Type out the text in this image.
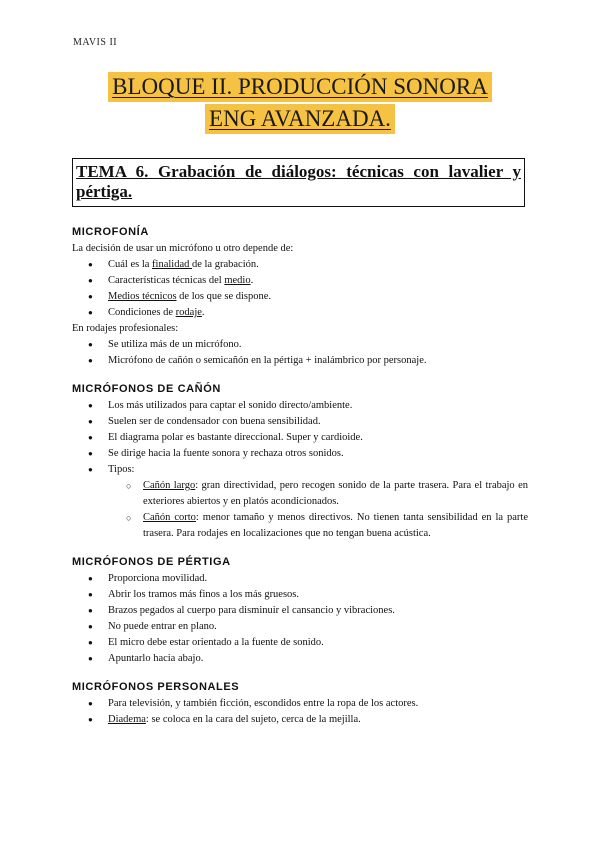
MAVIS II
BLOQUE II. PRODUCCIÓN SONORA
ENG AVANZADA.
TEMA 6. Grabación de diálogos: técnicas con lavalier y pértiga.
MICROFONÍA

La decisión de usar un micrófono u otro depende de:

● Cuál es la finalidad de la grabación.
● Características técnicas del medio.
● Medios técnicos de los que se dispone.
● Condiciones de rodaje.

En rodajes profesionales:

● Se utiliza más de un micrófono.
● Micrófono de cañón o semicañón en la pértiga + inalámbrico por personaje.
MICRÓFONOS DE CAÑÓN
● Los más utilizados para captar el sonido directo/ambiente.
● Suelen ser de condensador con buena sensibilidad.
● El diagrama polar es bastante direccional. Super y cardioide.
● Se dirige hacia la fuente sonora y rechaza otros sonidos.
● Tipos:
○ Cañón largo: gran directividad, pero recogen sonido de la parte trasera. Para el trabajo en exteriores abiertos y en platós acondicionados.
○ Cañón corto: menor tamaño y menos directivos. No tienen tanta sensibilidad en la parte trasera. Para rodajes en localizaciones que no tengan buena acústica.
MICRÓFONOS DE PÉRTIGA
● Proporciona movilidad.
● Abrir los tramos más finos a los más gruesos.
● Brazos pegados al cuerpo para disminuir el cansancio y vibraciones.
● No puede entrar en plano.
● El micro debe estar orientado a la fuente de sonido.
● Apuntarlo hacia abajo.
MICRÓFONOS PERSONALES
● Para televisión, y también ficción, escondidos entre la ropa de los actores.
● Diadema: se coloca en la cara del sujeto, cerca de la mejilla.
